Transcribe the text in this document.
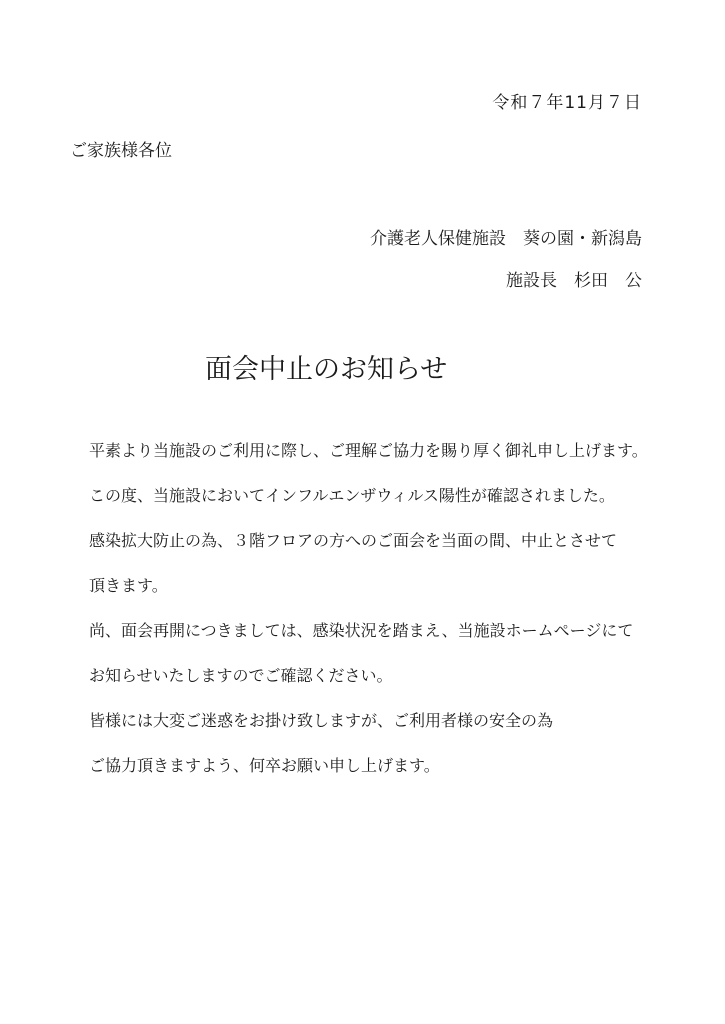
令和７年11月７日
ご家族様各位
介護老人保健施設　葵の園・新潟島
施設長　杉田　公
面会中止のお知らせ
平素より当施設のご利用に際し、ご理解ご協力を賜り厚く御礼申し上げます。
この度、当施設においてインフルエンザウィルス陽性が確認されました。
感染拡大防止の為、３階フロアの方へのご面会を当面の間、中止とさせて
頂きます。
尚、面会再開につきましては、感染状況を踏まえ、当施設ホームページにて
お知らせいたしますのでご確認ください。
皆様には大変ご迷惑をお掛け致しますが、ご利用者様の安全の為
ご協力頂きますよう、何卒お願い申し上げます。
